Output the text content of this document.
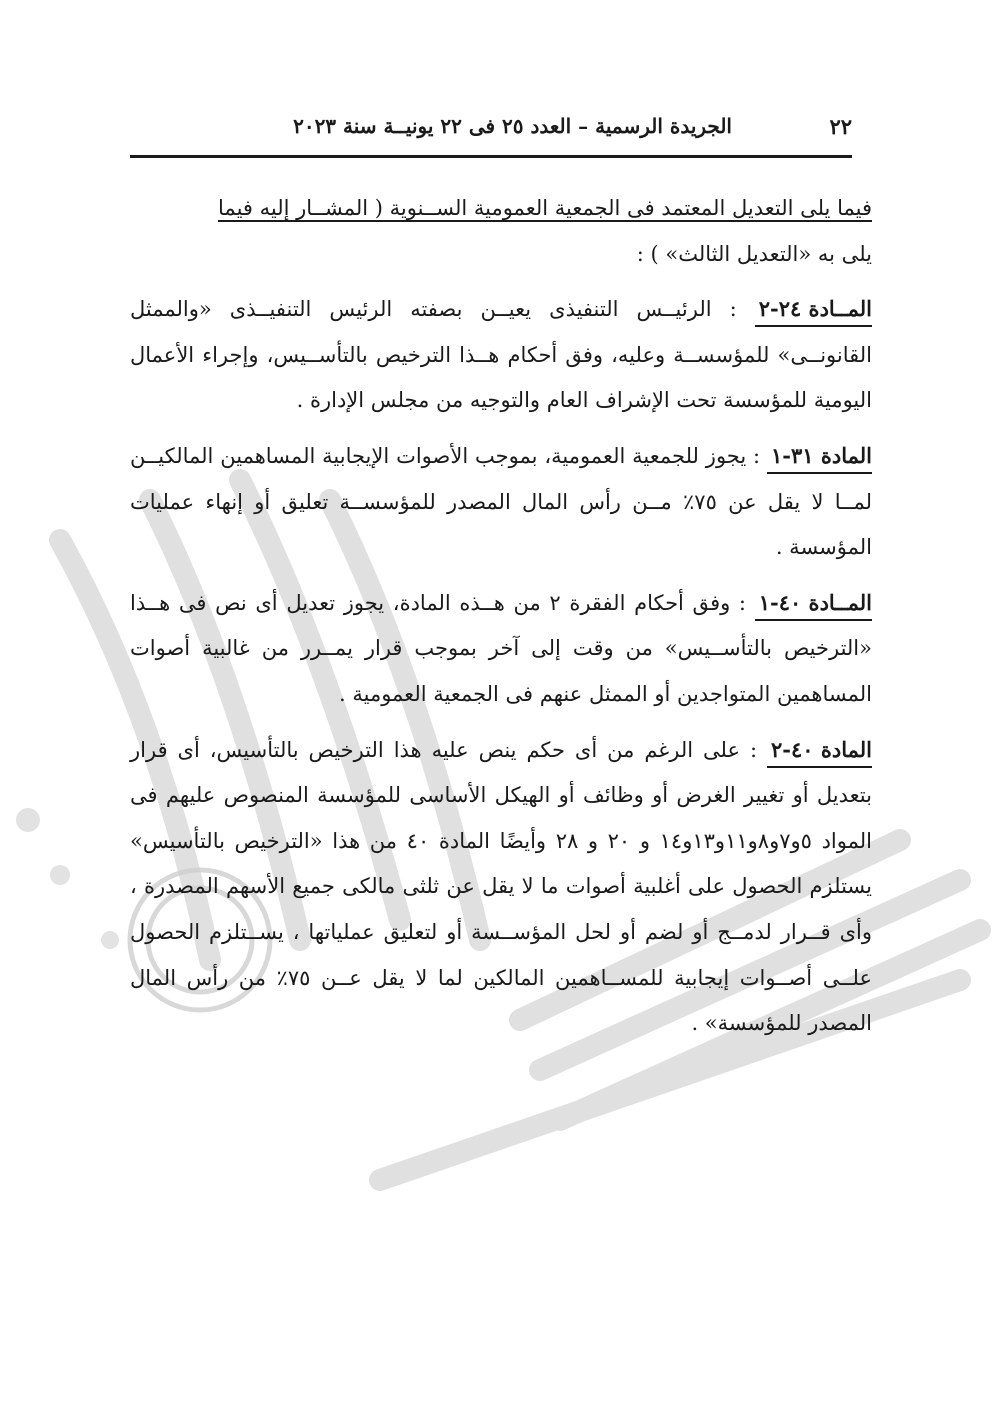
٢٢
الجريدة الرسمية – العدد ٢٥ فى ٢٢ يونيــة سنة ٢٠٢٣

فيما يلى التعديل المعتمد فى الجمعية العمومية الســنوية ( المشــار إليه فيما
يلى به «التعديل الثالث» ) :

المــادة ٢٤-٢ : الرئيــس التنفيذى يعيــن بصفته الرئيس التنفيــذى «والممثل القانونــى» للمؤسســة وعليه، وفق أحكام هــذا الترخيص بالتأســيس، وإجراء الأعمال اليومية للمؤسسة تحت الإشراف العام والتوجيه من مجلس الإدارة .

المادة ٣١-١ : يجوز للجمعية العمومية، بموجب الأصوات الإيجابية المساهمين المالكيــن لمــا لا يقل عن ٧٥٪ مــن رأس المال المصدر للمؤسســة تعليق أو إنهاء عمليات المؤسسة .

المــادة ٤٠-١ : وفق أحكام الفقرة ٢ من هــذه المادة، يجوز تعديل أى نص فى هــذا «الترخيص بالتأســيس» من وقت إلى آخر بموجب قرار يمــرر من غالبية أصوات المساهمين المتواجدين أو الممثل عنهم فى الجمعية العمومية .

المادة ٤٠-٢ : على الرغم من أى حكم ينص عليه هذا الترخيص بالتأسيس، أى قرار بتعديل أو تغيير الغرض أو وظائف أو الهيكل الأساسى للمؤسسة المنصوص عليهم فى المواد ٥و٧و٨و١١و١٣و١٤ و ٢٠ و ٢٨ وأيضًا المادة ٤٠ من هذا «الترخيص بالتأسيس» يستلزم الحصول على أغلبية أصوات ما لا يقل عن ثلثى مالكى جميع الأسهم المصدرة ، وأى قــرار لدمــج أو لضم أو لحل المؤســسة أو لتعليق عملياتها ، يســتلزم الحصول علــى أصــوات إيجابية للمســاهمين المالكين لما لا يقل عــن ٧٥٪ من رأس المال المصدر للمؤسسة» .
